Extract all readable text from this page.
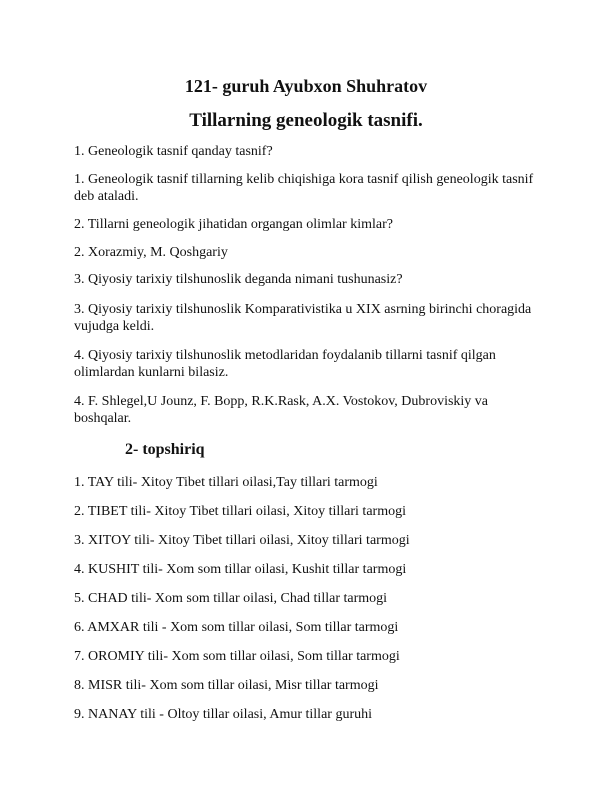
121- guruh Ayubxon Shuhratov
Tillarning geneologik tasnifi.
1. Geneologik tasnif qanday tasnif?
1. Geneologik tasnif tillarning kelib chiqishiga kora tasnif qilish geneologik tasnif deb ataladi.
2. Tillarni geneologik jihatidan organgan olimlar kimlar?
2. Xorazmiy, M. Qoshgariy
3. Qiyosiy tarixiy tilshunoslik deganda nimani tushunasiz?
3. Qiyosiy tarixiy tilshunoslik Komparativistika u XIX asrning birinchi choragida vujudga keldi.
4. Qiyosiy tarixiy tilshunoslik metodlaridan foydalanib tillarni tasnif qilgan olimlardan kunlarni bilasiz.
4. F. Shlegel,U Jounz, F. Bopp, R.K.Rask, A.X. Vostokov, Dubroviskiy va boshqalar.
2- topshiriq
1. TAY tili- Xitoy Tibet tillari oilasi,Tay tillari tarmogi
2. TIBET tili- Xitoy Tibet tillari oilasi, Xitoy tillari tarmogi
3. XITOY tili- Xitoy Tibet tillari oilasi, Xitoy tillari tarmogi
4. KUSHIT tili- Xom som tillar oilasi, Kushit tillar tarmogi
5. CHAD tili- Xom som tillar oilasi, Chad tillar tarmogi
6. AMXAR tili - Xom som tillar oilasi, Som tillar tarmogi
7. OROMIY tili- Xom som tillar oilasi, Som tillar tarmogi
8. MISR tili- Xom som tillar oilasi, Misr tillar tarmogi
9. NANAY tili - Oltoy tillar oilasi, Amur tillar guruhi
